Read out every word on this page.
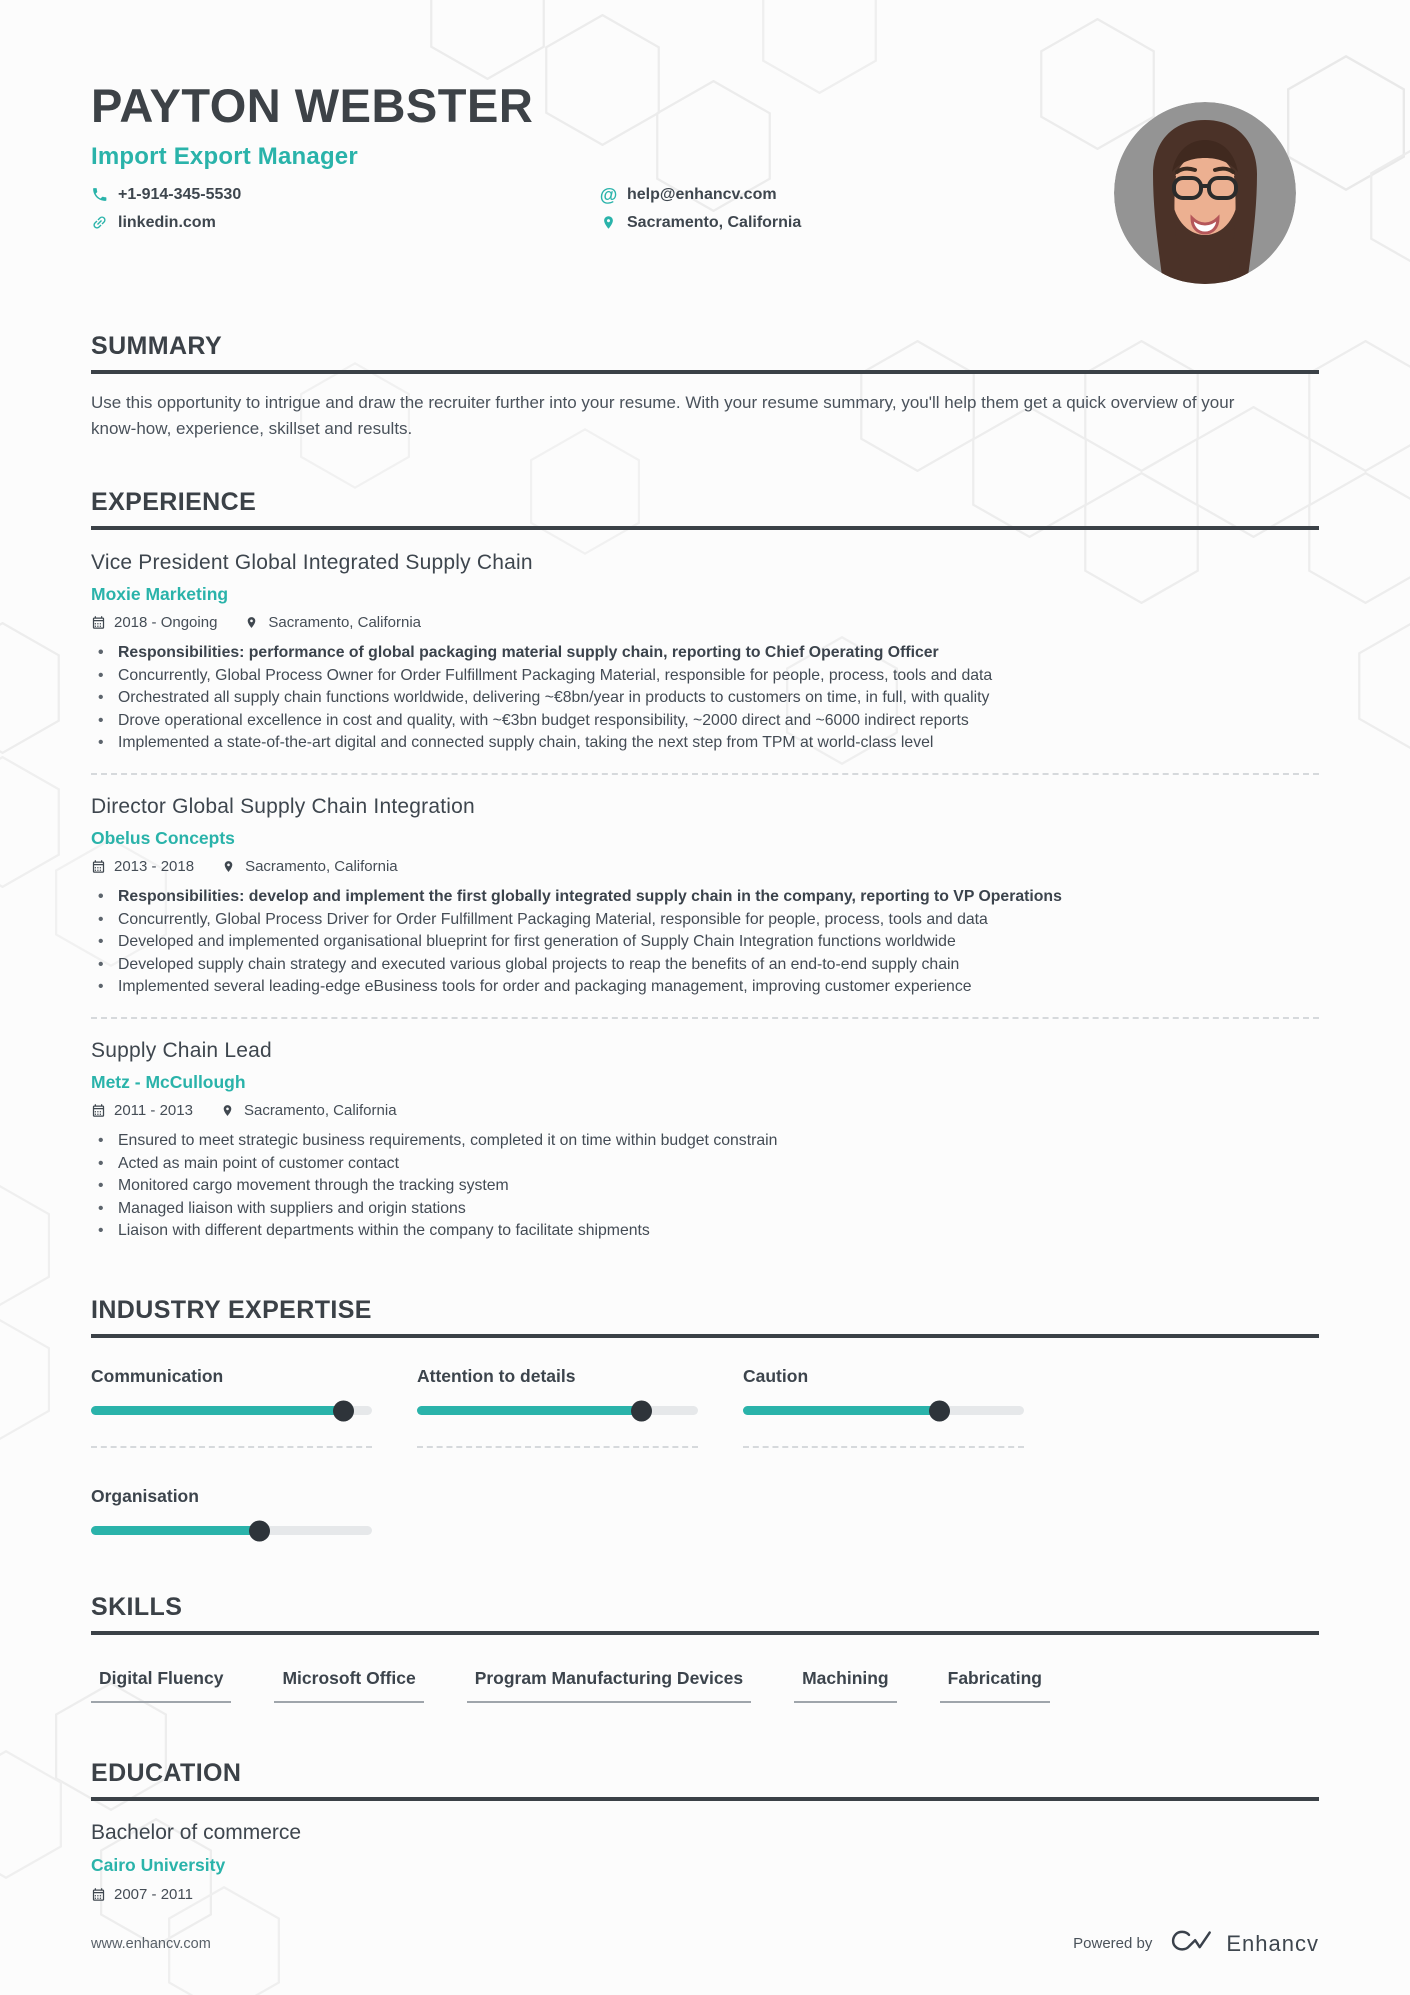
PAYTON WEBSTER
Import Export Manager
+1-914-345-5530	@ help@enhancv.com
linkedin.com	Sacramento, California
SUMMARY
Use this opportunity to intrigue and draw the recruiter further into your resume. With your resume summary, you'll help them get a quick overview of your know-how, experience, skillset and results.
EXPERIENCE
Vice President Global Integrated Supply Chain
Moxie Marketing
2018 - Ongoing	Sacramento, California
• Responsibilities: performance of global packaging material supply chain, reporting to Chief Operating Officer
• Concurrently, Global Process Owner for Order Fulfillment Packaging Material, responsible for people, process, tools and data
• Orchestrated all supply chain functions worldwide, delivering ~€8bn/year in products to customers on time, in full, with quality
• Drove operational excellence in cost and quality, with ~€3bn budget responsibility, ~2000 direct and ~6000 indirect reports
• Implemented a state-of-the-art digital and connected supply chain, taking the next step from TPM at world-class level
Director Global Supply Chain Integration
Obelus Concepts
2013 - 2018	Sacramento, California
• Responsibilities: develop and implement the first globally integrated supply chain in the company, reporting to VP Operations
• Concurrently, Global Process Driver for Order Fulfillment Packaging Material, responsible for people, process, tools and data
• Developed and implemented organisational blueprint for first generation of Supply Chain Integration functions worldwide
• Developed supply chain strategy and executed various global projects to reap the benefits of an end-to-end supply chain
• Implemented several leading-edge eBusiness tools for order and packaging management, improving customer experience
Supply Chain Lead
Metz - McCullough
2011 - 2013	Sacramento, California
• Ensured to meet strategic business requirements, completed it on time within budget constrain
• Acted as main point of customer contact
• Monitored cargo movement through the tracking system
• Managed liaison with suppliers and origin stations
• Liaison with different departments within the company to facilitate shipments
INDUSTRY EXPERTISE
Communication	Attention to details	Caution
Organisation
SKILLS
Digital Fluency	Microsoft Office	Program Manufacturing Devices	Machining	Fabricating
EDUCATION
Bachelor of commerce
Cairo University
2007 - 2011
www.enhancv.com	Powered by	Enhancv
